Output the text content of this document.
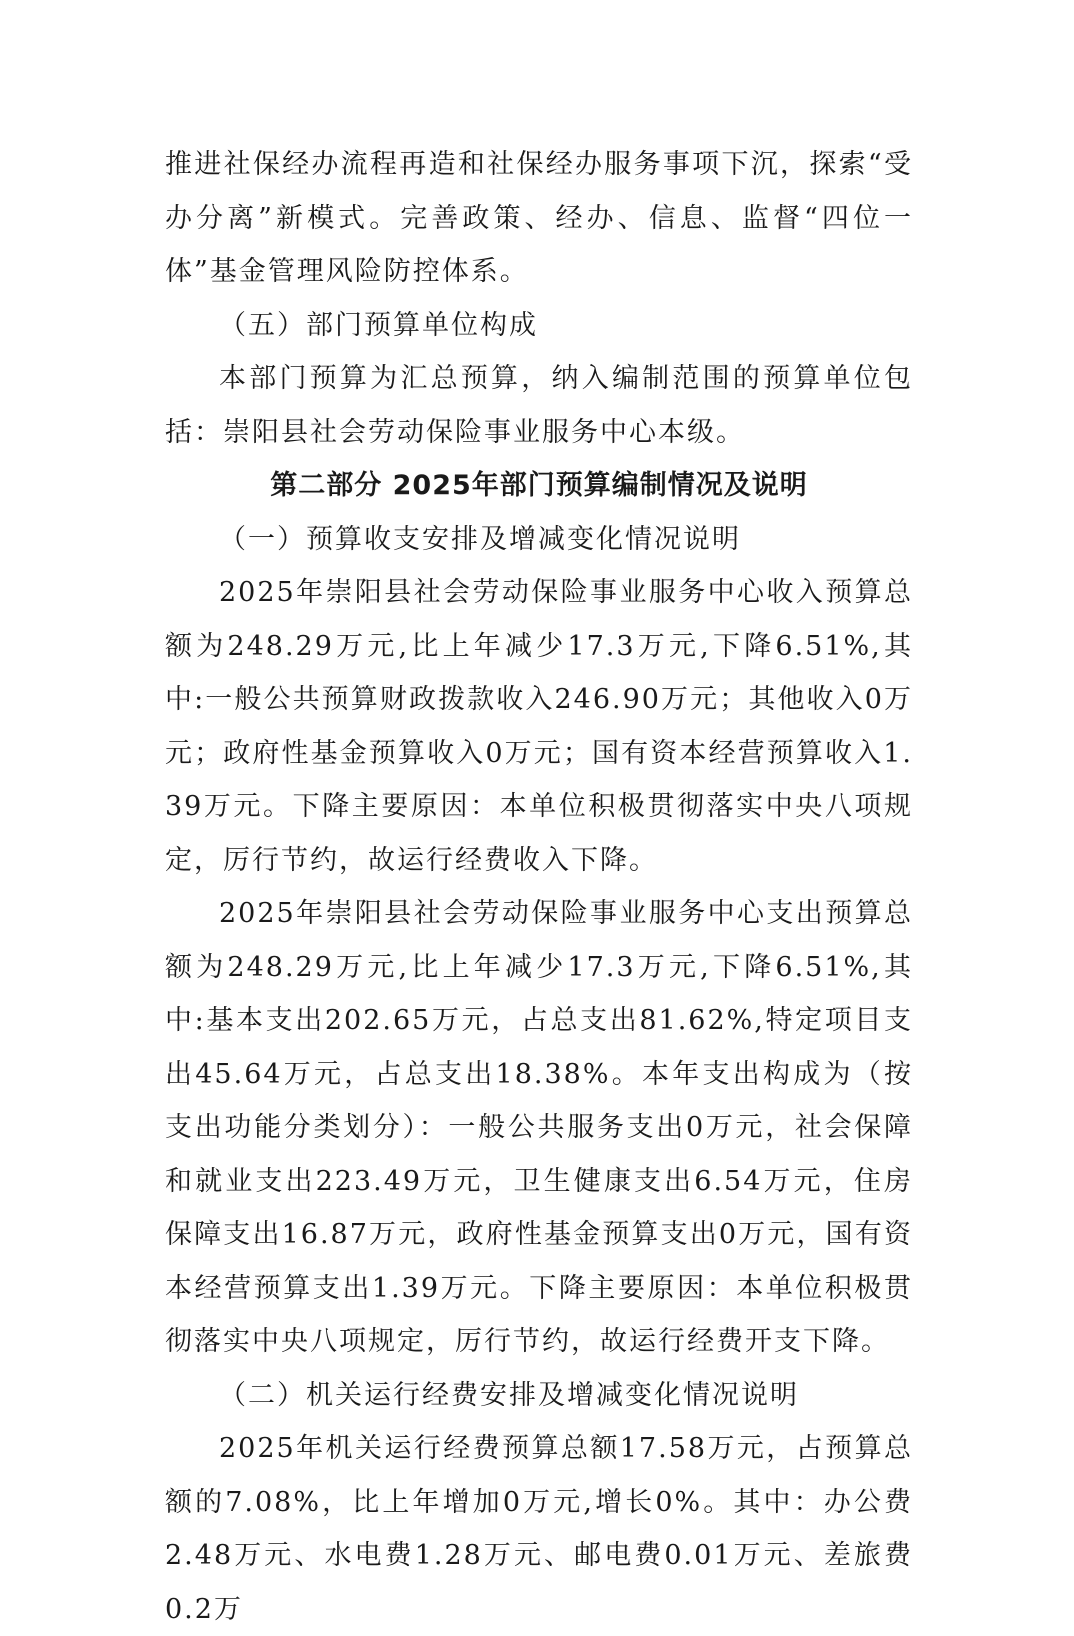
推进社保经办流程再造和社保经办服务事项下沉，探索“受办分离”新模式。完善政策、经办、信息、监督“四位一体”基金管理风险防控体系。

（五）部门预算单位构成

本部门预算为汇总预算，纳入编制范围的预算单位包括：崇阳县社会劳动保险事业服务中心本级。

第二部分 2025年部门预算编制情况及说明

（一）预算收支安排及增减变化情况说明

2025年崇阳县社会劳动保险事业服务中心收入预算总额为248.29万元,比上年减少17.3万元,下降6.51%,其中:一般公共预算财政拨款收入246.90万元；其他收入0万元；政府性基金预算收入0万元；国有资本经营预算收入1.39万元。下降主要原因：本单位积极贯彻落实中央八项规定，厉行节约，故运行经费收入下降。

2025年崇阳县社会劳动保险事业服务中心支出预算总额为248.29万元,比上年减少17.3万元,下降6.51%,其中:基本支出202.65万元，占总支出81.62%,特定项目支出45.64万元，占总支出18.38%。本年支出构成为（按支出功能分类划分）：一般公共服务支出0万元，社会保障和就业支出223.49万元，卫生健康支出6.54万元，住房保障支出16.87万元，政府性基金预算支出0万元，国有资本经营预算支出1.39万元。下降主要原因：本单位积极贯彻落实中央八项规定，厉行节约，故运行经费开支下降。

（二）机关运行经费安排及增减变化情况说明

2025年机关运行经费预算总额17.58万元，占预算总额的7.08%，比上年增加0万元,增长0%。其中：办公费2.48万元、水电费1.28万元、邮电费0.01万元、差旅费0.2万
